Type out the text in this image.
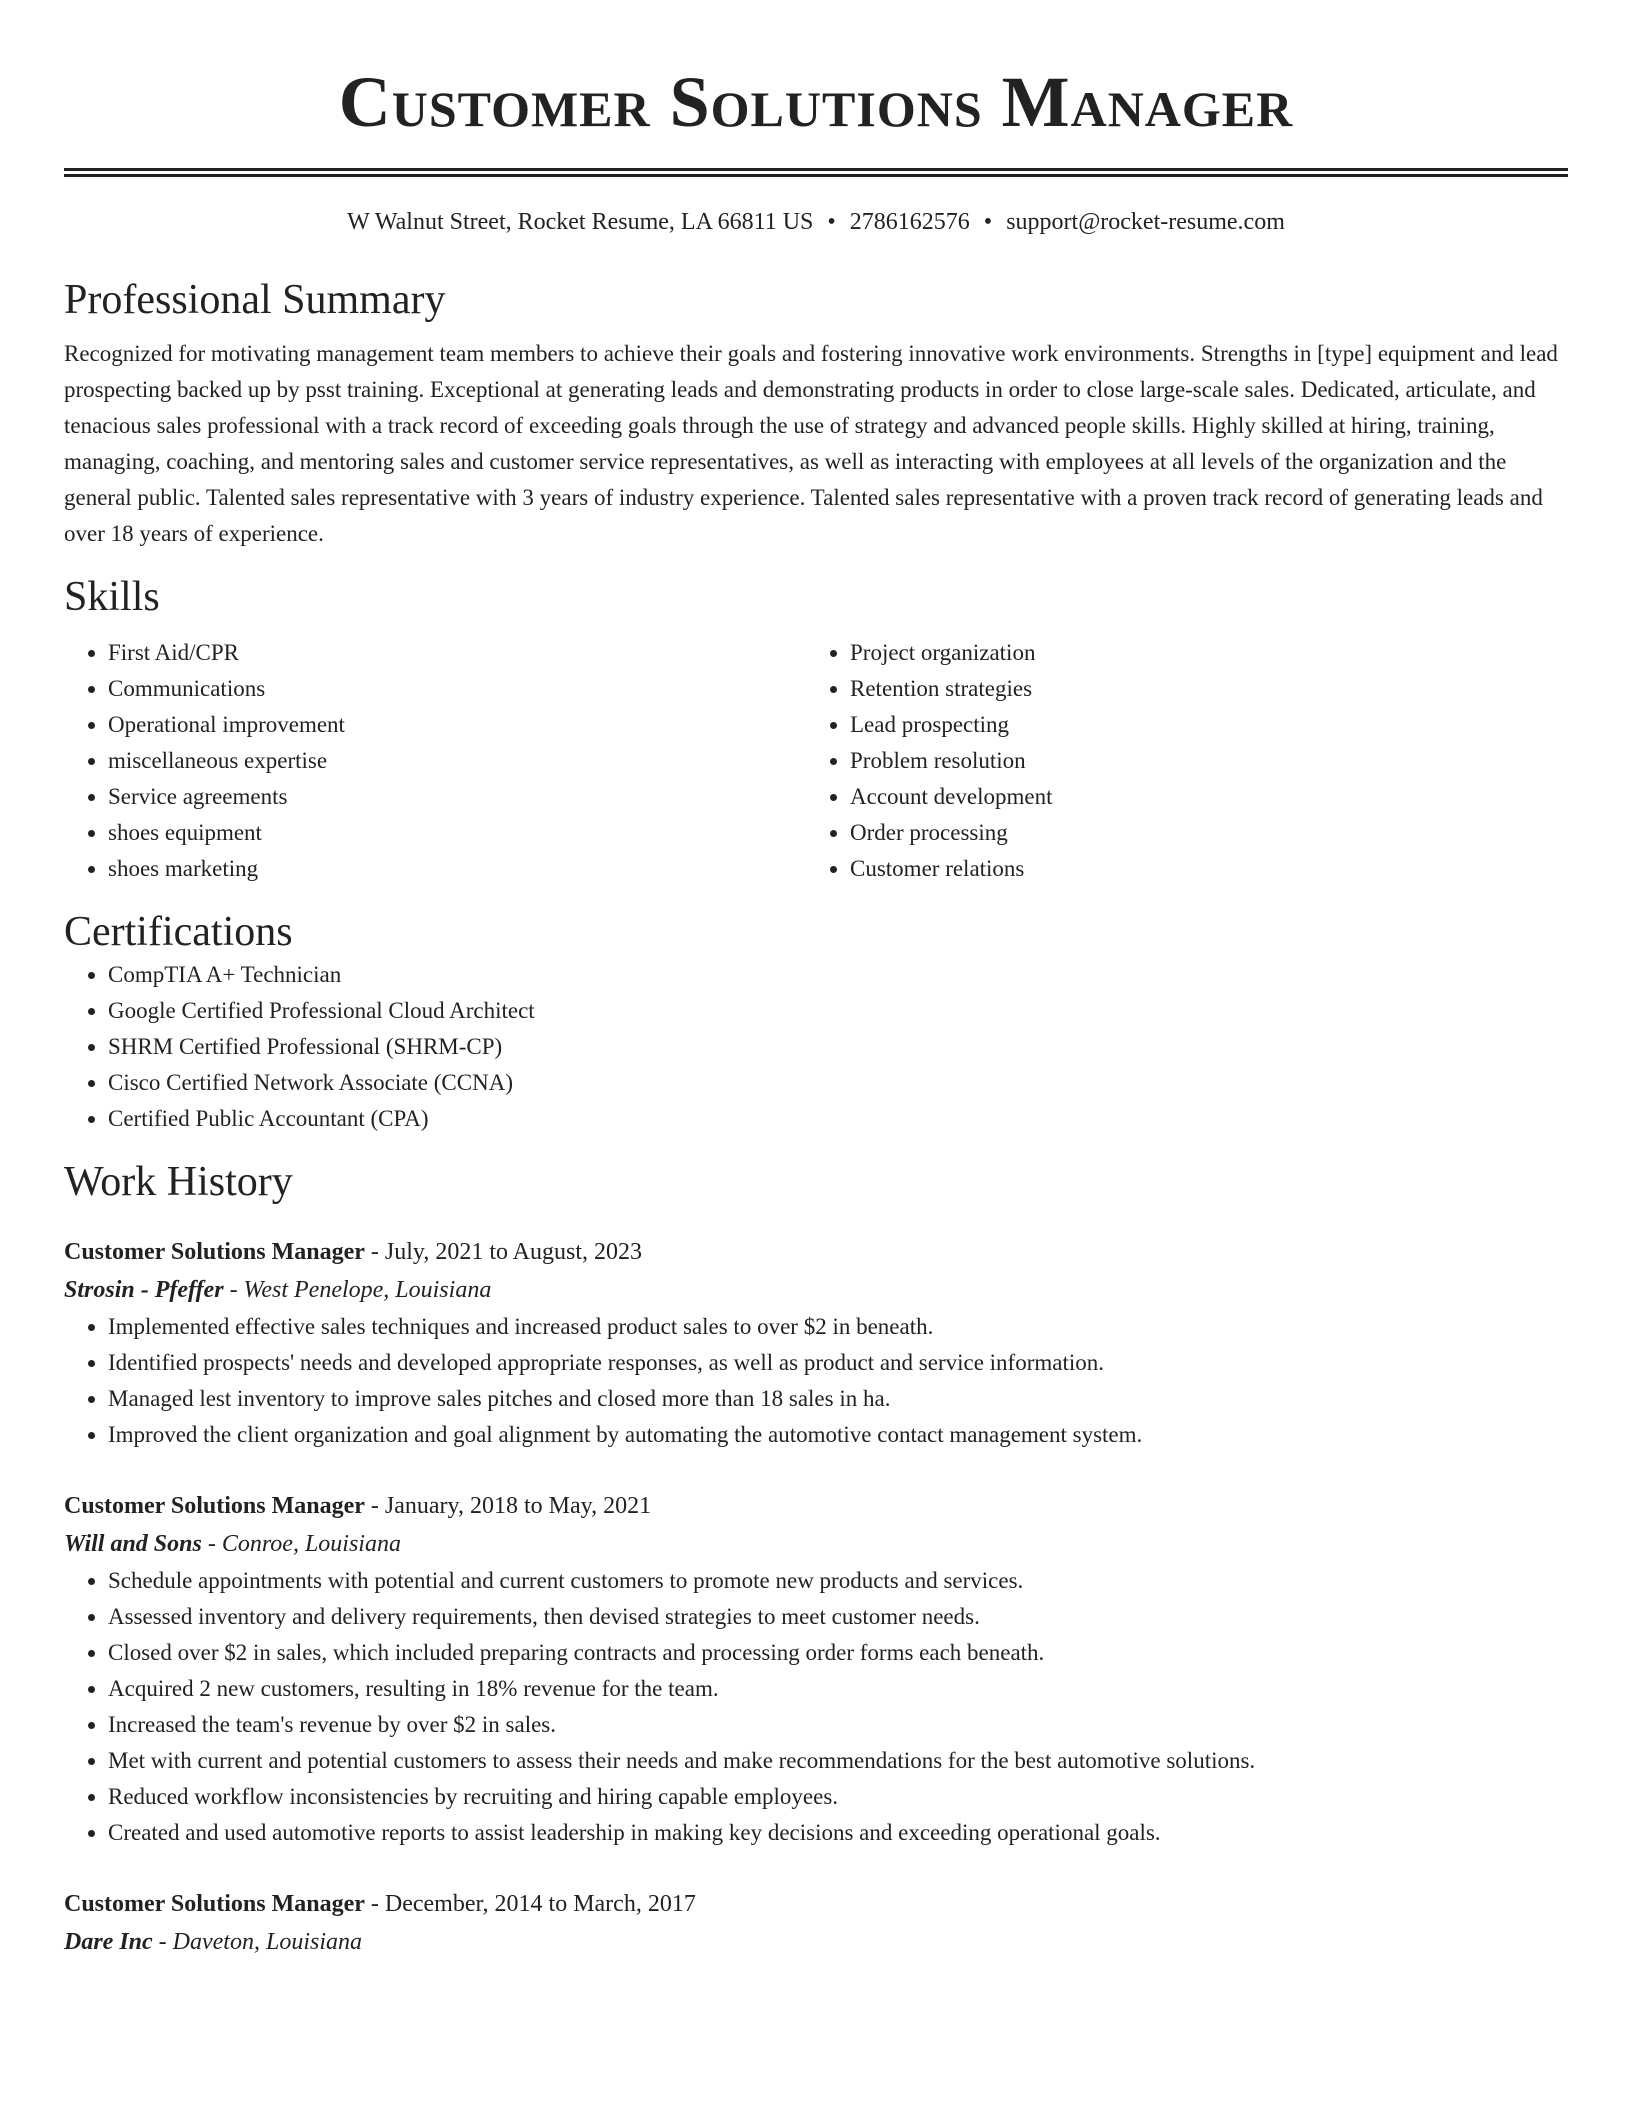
Customer Solutions Manager
W Walnut Street, Rocket Resume, LA 66811 US • 2786162576 • support@rocket-resume.com
Professional Summary
Recognized for motivating management team members to achieve their goals and fostering innovative work environments. Strengths in [type] equipment and lead prospecting backed up by psst training. Exceptional at generating leads and demonstrating products in order to close large-scale sales. Dedicated, articulate, and tenacious sales professional with a track record of exceeding goals through the use of strategy and advanced people skills. Highly skilled at hiring, training, managing, coaching, and mentoring sales and customer service representatives, as well as interacting with employees at all levels of the organization and the general public. Talented sales representative with 3 years of industry experience. Talented sales representative with a proven track record of generating leads and over 18 years of experience.
Skills
• First Aid/CPR
• Communications
• Operational improvement
• miscellaneous expertise
• Service agreements
• shoes equipment
• shoes marketing
• Project organization
• Retention strategies
• Lead prospecting
• Problem resolution
• Account development
• Order processing
• Customer relations
Certifications
• CompTIA A+ Technician
• Google Certified Professional Cloud Architect
• SHRM Certified Professional (SHRM-CP)
• Cisco Certified Network Associate (CCNA)
• Certified Public Accountant (CPA)
Work History
Customer Solutions Manager - July, 2021 to August, 2023
Strosin - Pfeffer - West Penelope, Louisiana
• Implemented effective sales techniques and increased product sales to over $2 in beneath.
• Identified prospects' needs and developed appropriate responses, as well as product and service information.
• Managed lest inventory to improve sales pitches and closed more than 18 sales in ha.
• Improved the client organization and goal alignment by automating the automotive contact management system.
Customer Solutions Manager - January, 2018 to May, 2021
Will and Sons - Conroe, Louisiana
• Schedule appointments with potential and current customers to promote new products and services.
• Assessed inventory and delivery requirements, then devised strategies to meet customer needs.
• Closed over $2 in sales, which included preparing contracts and processing order forms each beneath.
• Acquired 2 new customers, resulting in 18% revenue for the team.
• Increased the team's revenue by over $2 in sales.
• Met with current and potential customers to assess their needs and make recommendations for the best automotive solutions.
• Reduced workflow inconsistencies by recruiting and hiring capable employees.
• Created and used automotive reports to assist leadership in making key decisions and exceeding operational goals.
Customer Solutions Manager - December, 2014 to March, 2017
Dare Inc - Daveton, Louisiana
